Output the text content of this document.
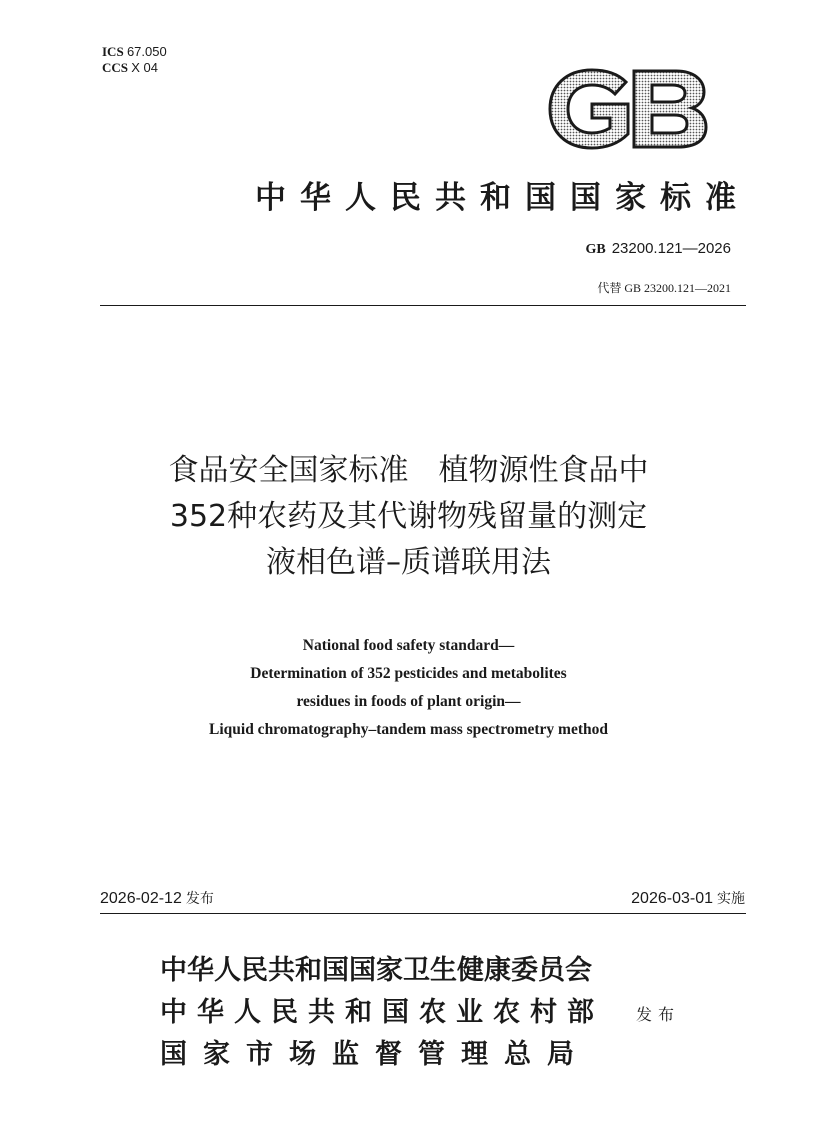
ICS 67.050
CCS X 04
中华人民共和国国家标准
GB 23200.121—2026
代替 GB 23200.121—2021
食品安全国家标准　植物源性食品中
352种农药及其代谢物残留量的测定
液相色谱–质谱联用法
National food safety standard—
Determination of 352 pesticides and metabolites
residues in foods of plant origin—
Liquid chromatography–tandem mass spectrometry method
2026-02-12 发布	2026-03-01 实施
中华人民共和国国家卫生健康委员会
中华人民共和国农业农村部
国家市场监督管理总局
发布
